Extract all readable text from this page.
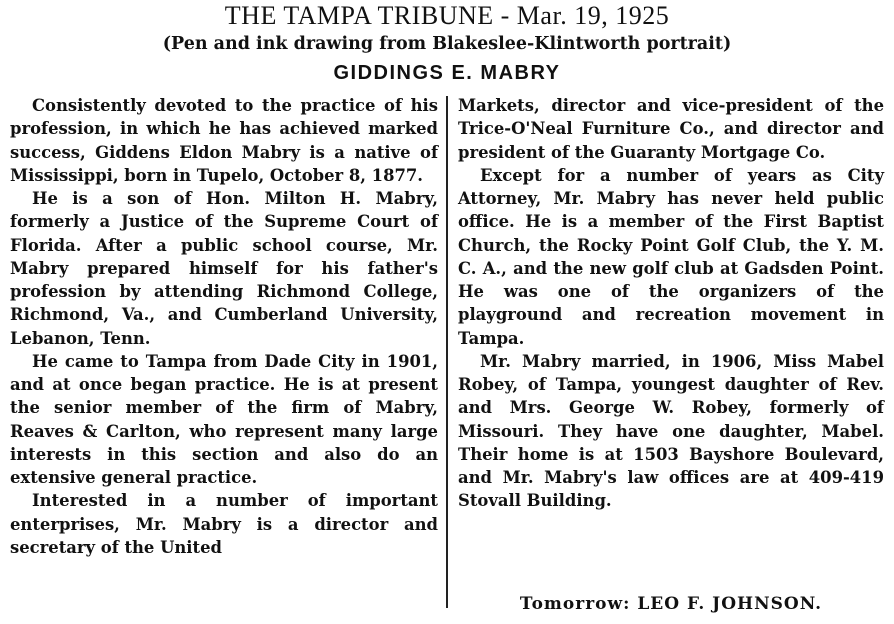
THE TAMPA TRIBUNE - Mar. 19, 1925
(Pen and ink drawing from Blakeslee-Klintworth portrait)
GIDDINGS E. MABRY

Consistently devoted to the practice of his profession, in which he has achieved marked success, Giddens Eldon Mabry is a native of Mississippi, born in Tupelo, October 8, 1877.

He is a son of Hon. Milton H. Mabry, formerly a Justice of the Supreme Court of Florida. After a public school course, Mr. Mabry prepared himself for his father's profession by attending Richmond College, Richmond, Va., and Cumberland University, Lebanon, Tenn.

He came to Tampa from Dade City in 1901, and at once began practice. He is at present the senior member of the firm of Mabry, Reaves & Carlton, who represent many large interests in this section and also do an extensive general practice.

Interested in a number of important enterprises, Mr. Mabry is a director and secretary of the United

Markets, director and vice-president of the Trice-O'Neal Furniture Co., and director and president of the Guaranty Mortgage Co.

Except for a number of years as City Attorney, Mr. Mabry has never held public office. He is a member of the First Baptist Church, the Rocky Point Golf Club, the Y. M. C. A., and the new golf club at Gadsden Point. He was one of the organizers of the playground and recreation movement in Tampa.

Mr. Mabry married, in 1906, Miss Mabel Robey, of Tampa, youngest daughter of Rev. and Mrs. George W. Robey, formerly of Missouri. They have one daughter, Mabel. Their home is at 1503 Bayshore Boulevard, and Mr. Mabry's law offices are at 409-419 Stovall Building.

Tomorrow: LEO F. JOHNSON.
